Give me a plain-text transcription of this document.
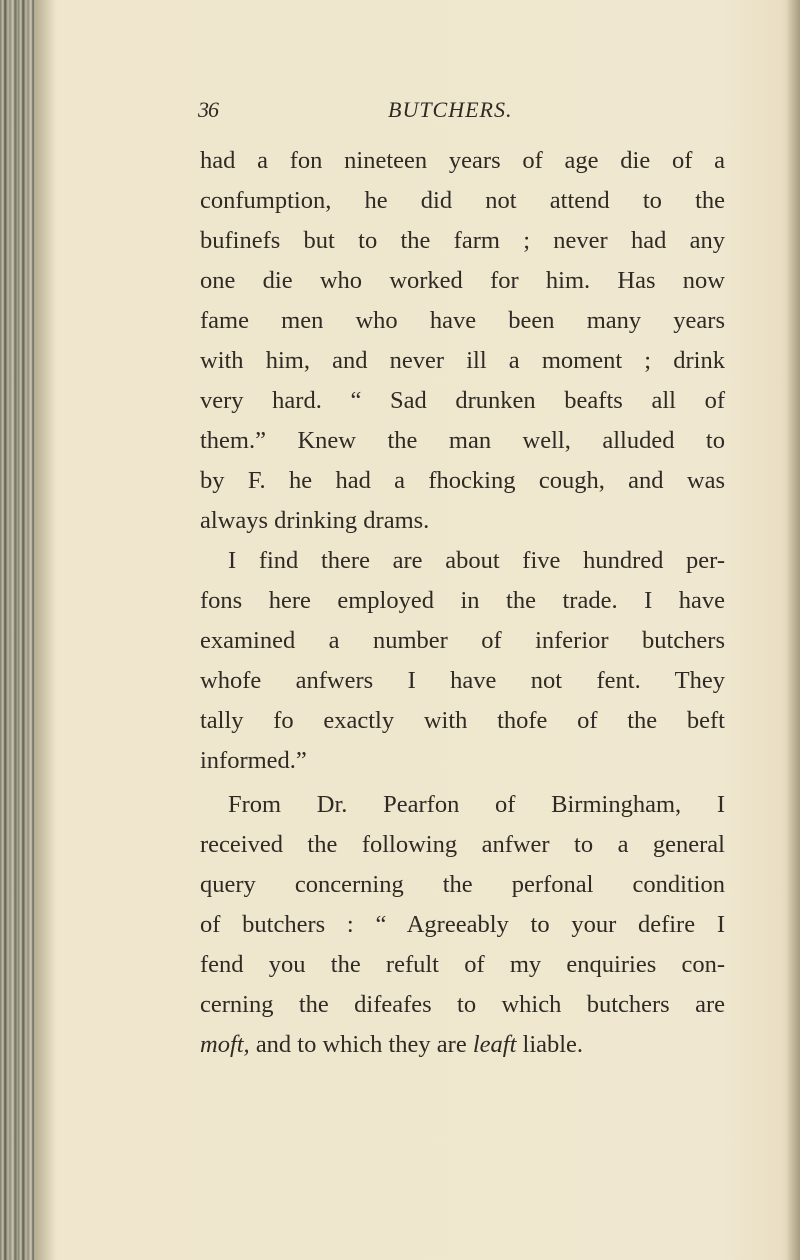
36	BUTCHERS.
had a fon nineteen years of age die of a
confumption, he did not attend to the
bufinefs but to the farm ; never had any
one die who worked for him. Has now
fame men who have been many years
with him, and never ill a moment ; drink
very hard. “ Sad drunken beafts all of
them.” Knew the man well, alluded to
by F. he had a fhocking cough, and was
always drinking drams.
I find there are about five hundred per-
fons here employed in the trade. I have
examined a number of inferior butchers
whofe anfwers I have not fent. They
tally fo exactly with thofe of the beft
informed.”
From Dr. Pearfon of Birmingham, I
received the following anfwer to a general
query concerning the perfonal condition
of butchers : “ Agreeably to your defire I
fend you the refult of my enquiries con-
cerning the difeafes to which butchers are
moft, and to which they are leaft liable.
